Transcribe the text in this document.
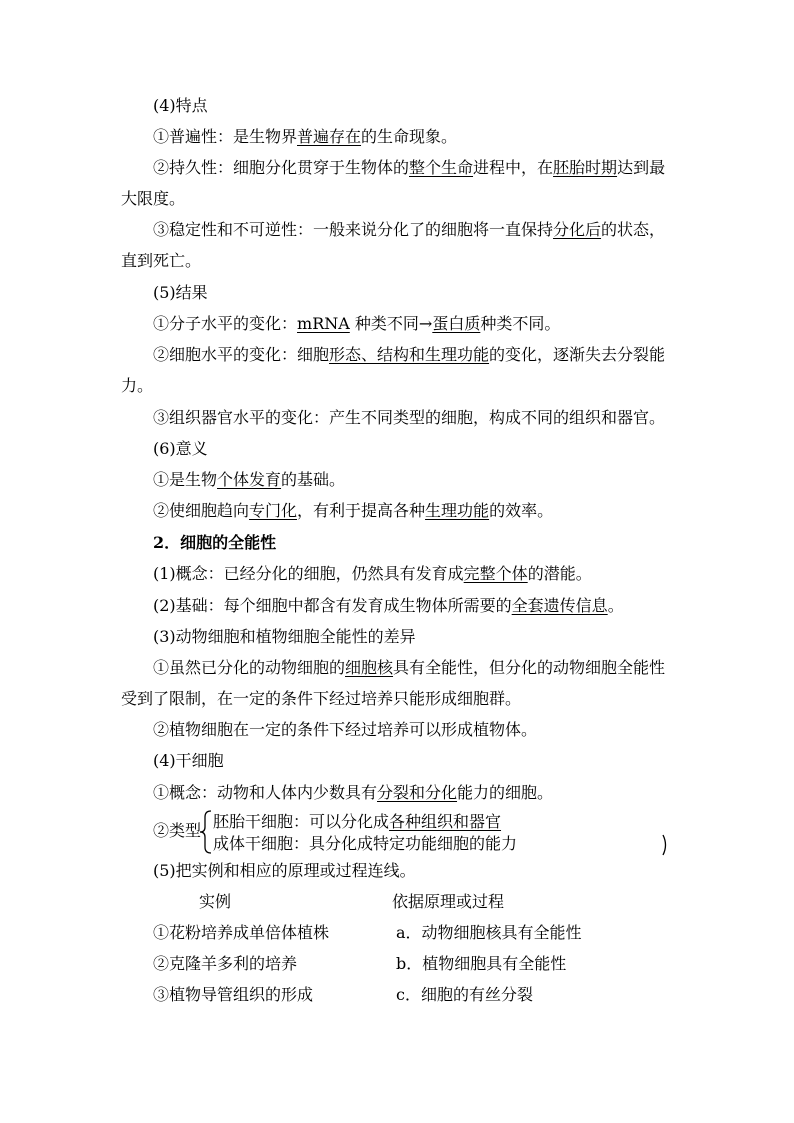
(4)特点
①普遍性：是生物界普遍存在的生命现象。
②持久性：细胞分化贯穿于生物体的整个生命进程中，在胚胎时期达到最大限度。
③稳定性和不可逆性：一般来说分化了的细胞将一直保持分化后的状态，直到死亡。
(5)结果
①分子水平的变化：mRNA 种类不同→蛋白质种类不同。
②细胞水平的变化：细胞形态、结构和生理功能的变化，逐渐失去分裂能力。
③组织器官水平的变化：产生不同类型的细胞，构成不同的组织和器官。
(6)意义
①是生物个体发育的基础。
②使细胞趋向专门化，有利于提高各种生理功能的效率。
2．细胞的全能性
(1)概念：已经分化的细胞，仍然具有发育成完整个体的潜能。
(2)基础：每个细胞中都含有发育成生物体所需要的全套遗传信息。
(3)动物细胞和植物细胞全能性的差异
①虽然已分化的动物细胞的细胞核具有全能性，但分化的动物细胞全能性受到了限制，在一定的条件下经过培养只能形成细胞群。
②植物细胞在一定的条件下经过培养可以形成植物体。
(4)干细胞
①概念：动物和人体内少数具有分裂和分化能力的细胞。
②类型 胚胎干细胞：可以分化成各种组织和器官
成体干细胞：具分化成特定功能细胞的能力
(5)把实例和相应的原理或过程连线。
实例	依据原理或过程
①花粉培养成单倍体植株	a．动物细胞核具有全能性
②克隆羊多利的培养	b．植物细胞具有全能性
③植物导管组织的形成	c．细胞的有丝分裂
